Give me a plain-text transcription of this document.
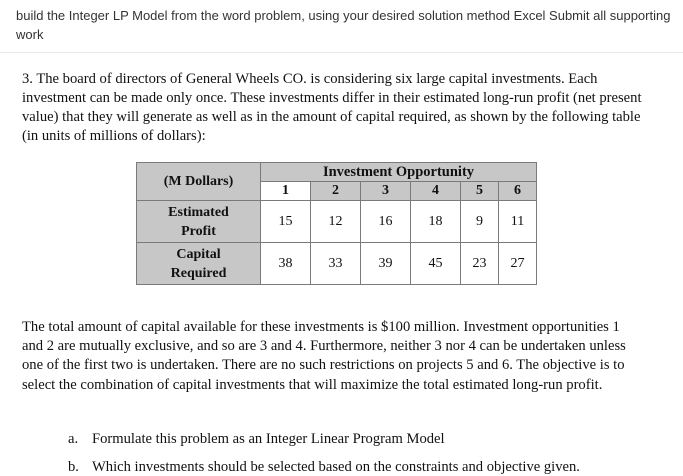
build the Integer LP Model from the word problem, using your desired solution method Excel Submit all supporting work
3. The board of directors of General Wheels CO. is considering six large capital investments. Each investment can be made only once. These investments differ in their estimated long-run profit (net present value) that they will generate as well as in the amount of capital required, as shown by the following table (in units of millions of dollars):
(M Dollars)	Investment Opportunity					
	1	2	3	4	5	6
Estimated
Profit	15	12	16	18	9	11
Capital
Required	38	33	39	45	23	27
The total amount of capital available for these investments is $100 million. Investment opportunities 1 and 2 are mutually exclusive, and so are 3 and 4. Furthermore, neither 3 nor 4 can be undertaken unless one of the first two is undertaken. There are no such restrictions on projects 5 and 6. The objective is to select the combination of capital investments that will maximize the total estimated long-run profit.
a. Formulate this problem as an Integer Linear Program Model
b. Which investments should be selected based on the constraints and objective given.
